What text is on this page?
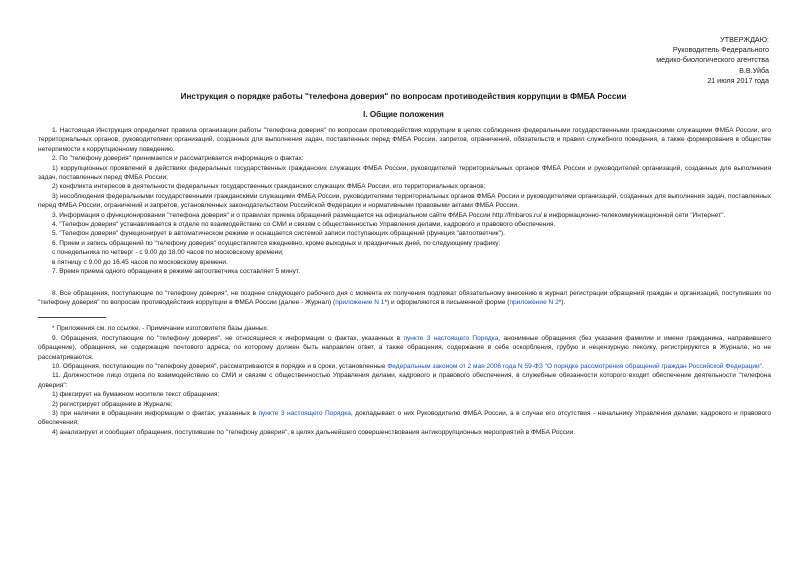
УТВЕРЖДАЮ:
Руководитель Федерального
медико-биологического агентства
В.В.Уйба
21 июля 2017 года
Инструкция о порядке работы "телефона доверия" по вопросам противодействия коррупции в ФМБА России
I. Общие положения

1. Настоящая Инструкция определяет правила организации работы "телефона доверия" по вопросам противодействия коррупции в целях соблюдения федеральными государственными гражданскими служащими ФМБА России, его территориальных органов, руководителями организаций, созданных для выполнения задач, поставленных перед ФМБА России, запретов, ограничений, обязательств и правил служебного поведения, а также формирования в обществе нетерпимости к коррупционному поведению.

2. По "телефону доверия" принимается и рассматривается информация о фактах:

1) коррупционных проявлений в действиях федеральных государственных гражданских служащих ФМБА России, руководителей территориальных органов ФМБА России и руководителей организаций, созданных для выполнения задач, поставленных перед ФМБА России;

2) конфликта интересов в деятельности федеральных государственных гражданских служащих ФМБА России, его территориальных органов;

3) несоблюдения федеральными государственными гражданскими служащими ФМБА России, руководителями территориальных органов ФМБА России и руководителями организаций, созданных для выполнения задач, поставленных перед ФМБА России, ограничений и запретов, установленных законодательством Российской Федерации и нормативными правовыми актами ФМБА России.

3. Информация о функционировании "телефона доверия" и о правилах приема обращений размещается на официальном сайте ФМБА России http://fmbaros.ru/ в информационно-телекоммуникационной сети "Интернет".

4. "Телефон доверия" устанавливается в отделе по взаимодействию со СМИ и связям с общественностью Управления делами, кадрового и правового обеспечения.

5. "Телефон доверия" функционирует в автоматическом режиме и оснащается системой записи поступающих обращений (функция "автоответчик").

6. Прием и запись обращений по "телефону доверия" осуществляется ежедневно, кроме выходных и праздничных дней, по следующему графику:

с понедельника по четверг - с 9.00 до 18.00 часов по московскому времени;

в пятницу с 9.00 до 16.45 часов по московскому времени.

7. Время приема одного обращения в режиме автоответчика составляет 5 минут.

8. Все обращения, поступающие по "телефону доверия", не позднее следующего рабочего дня с момента их получения подлежат обязательному внесению в журнал регистрации обращений граждан и организаций, поступивших по "телефону доверия" по вопросам противодействия коррупции в ФМБА России (далее - Журнал) (приложение N 1*) и оформляются в письменной форме (приложение N 2*).

* Приложения см. по ссылке. - Примечание изготовителя базы данных.

9. Обращения, поступающие по "телефону доверия", не относящиеся к информации о фактах, указанных в пункте 3 настоящего Порядка, анонимные обращения (без указания фамилии и имени гражданина, направившего обращение), обращения, не содержащие почтового адреса, по которому должен быть направлен ответ, а также обращения, содержание в себе оскорбления, грубую и нецензурную лексику, регистрируются в Журнале, но не рассматриваются.

10. Обращения, поступающие по "телефону доверия", рассматриваются в порядке и в сроки, установленные Федеральным законом от 2 мая 2006 года N 59-ФЗ "О порядке рассмотрения обращений граждан Российской Федерации".

11. Должностное лицо отдела по взаимодействию со СМИ и связям с общественностью Управления делами, кадрового и правового обеспечения, в служебные обязанности которого входит обеспечение деятельности "телефона доверия":

1) фиксирует на бумажном носителе текст обращения;

2) регистрирует обращение в Журнале;

3) при наличии в обращении информации о фактах, указанных в пункте 3 настоящего Порядка, докладывает о них Руководителю ФМБА России, а в случае его отсутствия - начальнику Управления делами, кадрового и правового обеспечения;

4) анализирует и сообщает обращения, поступившие по "телефону доверия", в целях дальнейшего совершенствования антикоррупционных мероприятий в ФМБА России.
